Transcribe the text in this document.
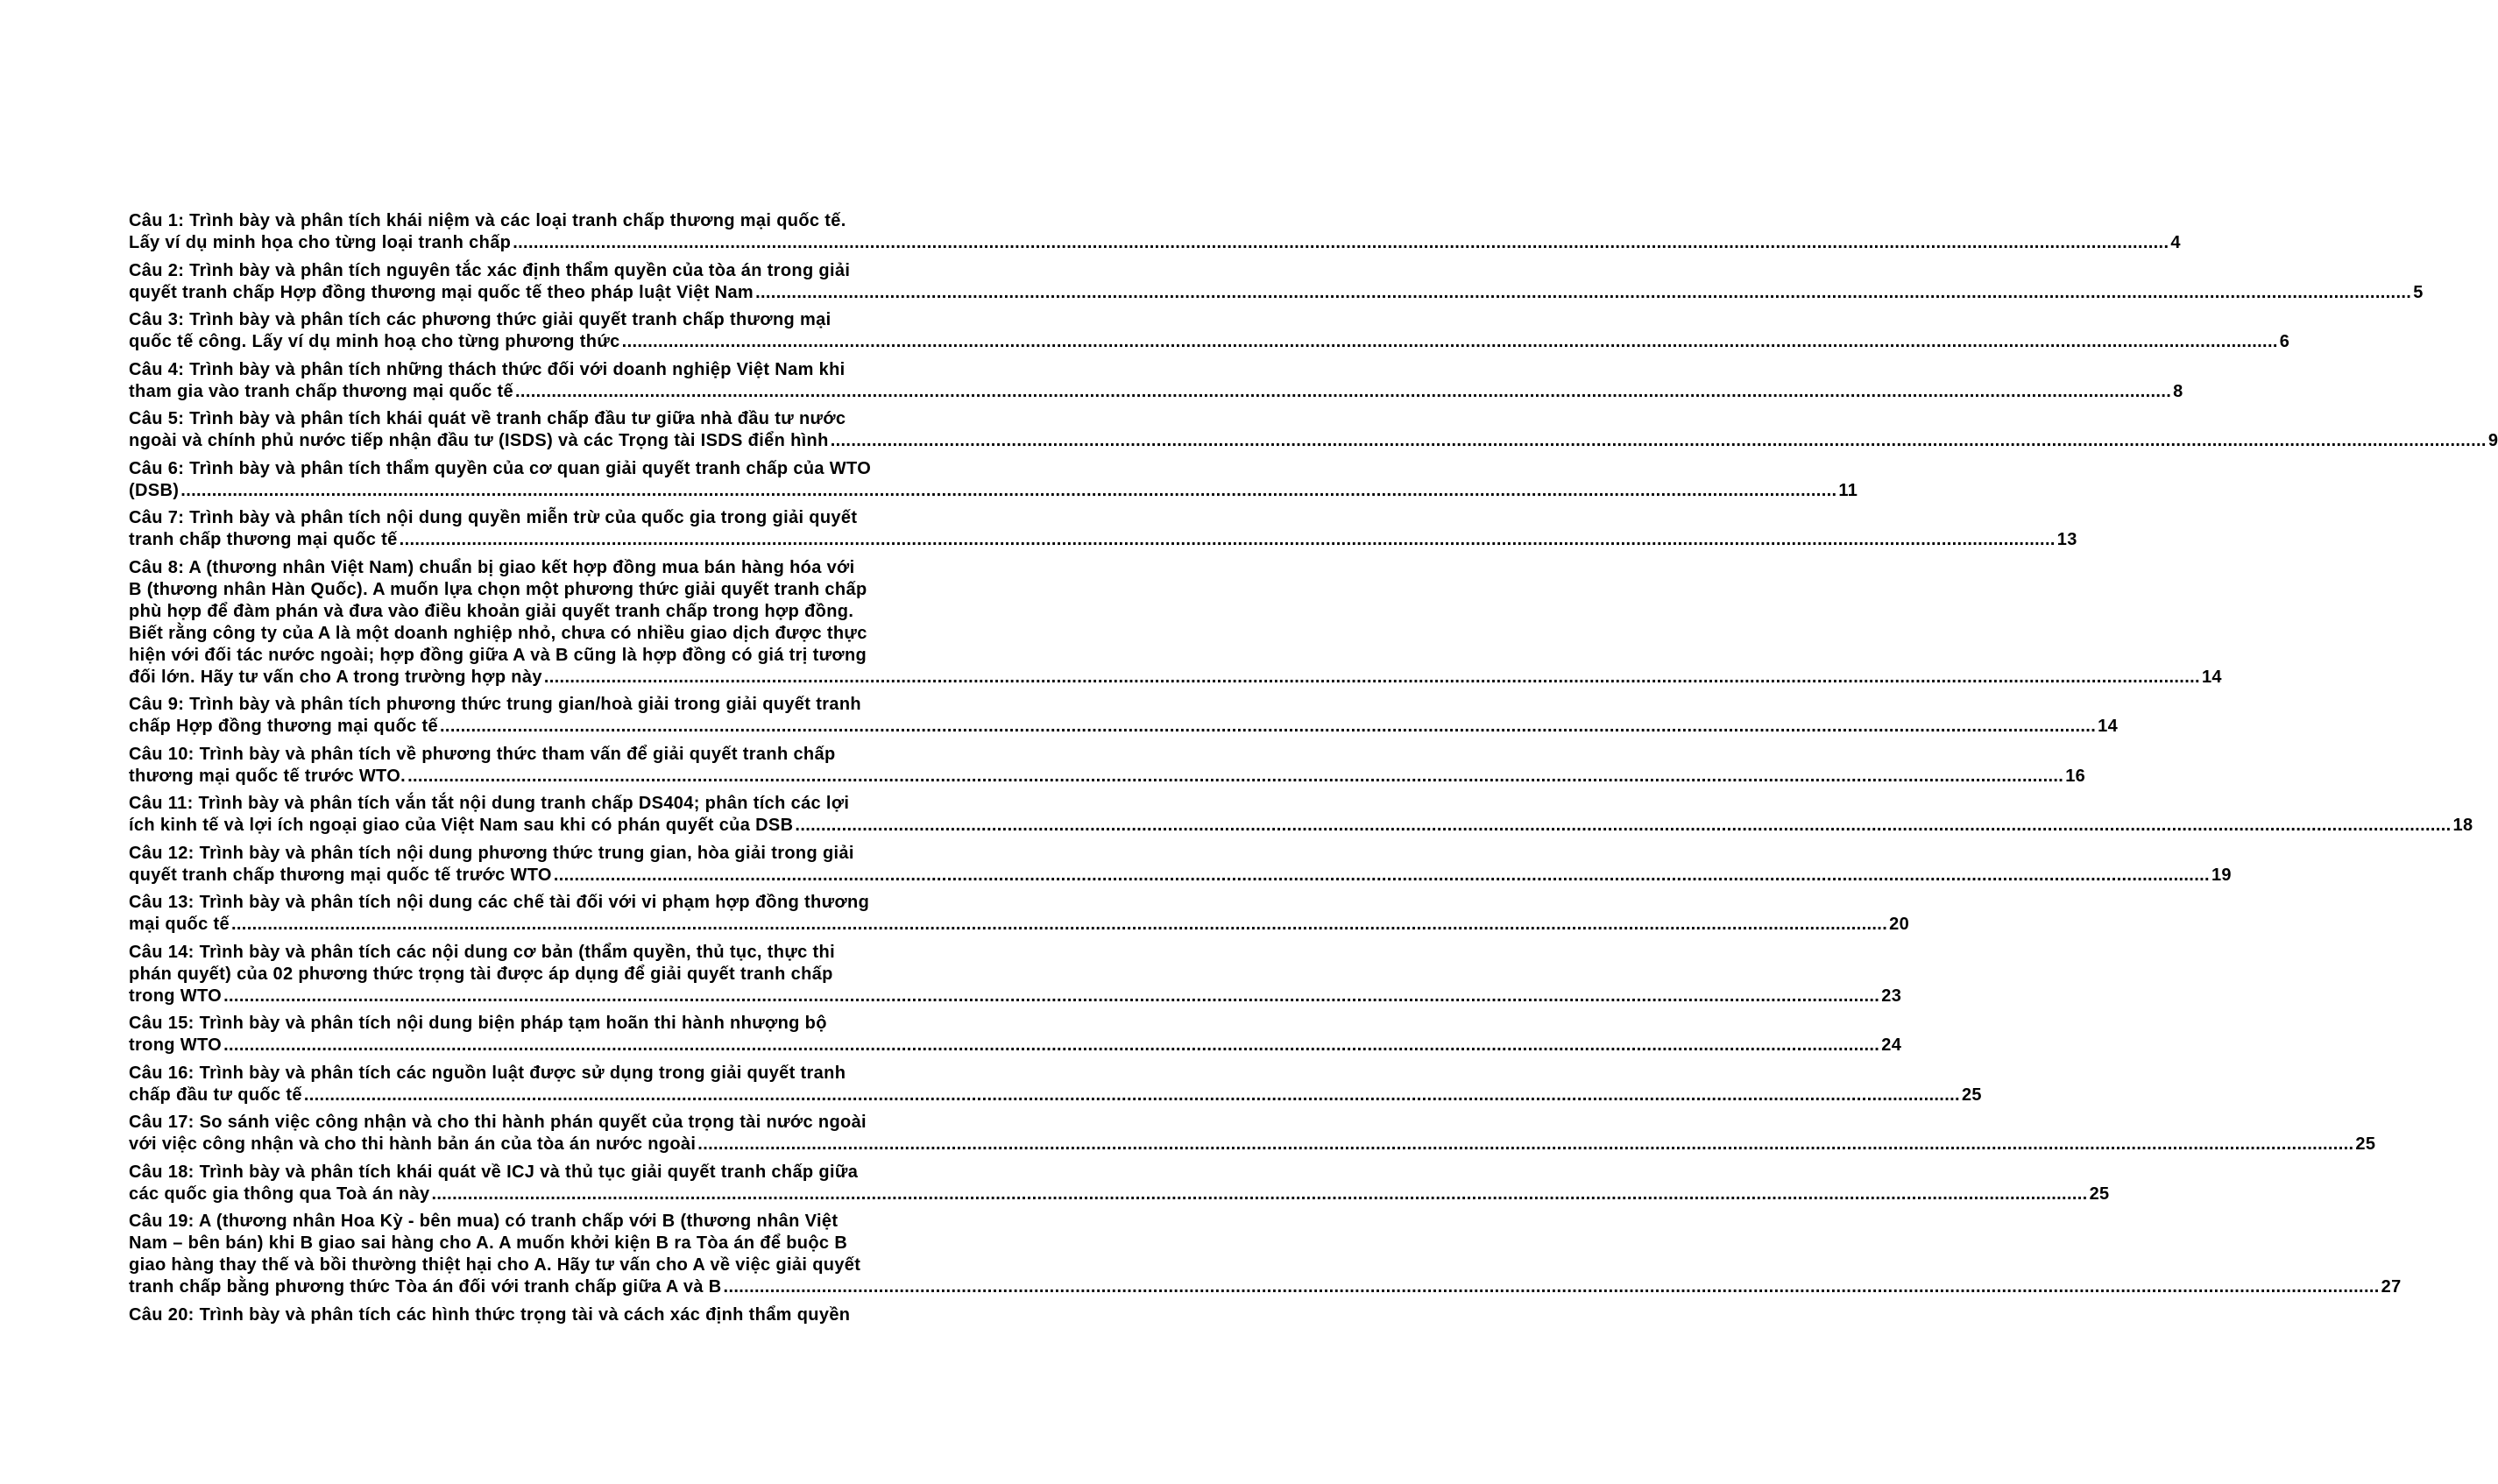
Câu 1: Trình bày và phân tích khái niệm và các loại tranh chấp thương mại quốc tế.
Lấy ví dụ minh họa cho từng loại tranh chấp .....	4
Câu 2: Trình bày và phân tích nguyên tắc xác định thẩm quyền của tòa án trong giải
quyết tranh chấp Hợp đồng thương mại quốc tế theo pháp luật Việt Nam .....	5
Câu 3: Trình bày và phân tích các phương thức giải quyết tranh chấp thương mại
quốc tế công. Lấy ví dụ minh hoạ cho từng phương thức .....	6
Câu 4: Trình bày và phân tích những thách thức đối với doanh nghiệp Việt Nam khi
tham gia vào tranh chấp thương mại quốc tế .....	8
Câu 5: Trình bày và phân tích khái quát về tranh chấp đầu tư giữa nhà đầu tư nước
ngoài và chính phủ nước tiếp nhận đầu tư (ISDS) và các Trọng tài ISDS điển hình .....	9
Câu 6: Trình bày và phân tích thẩm quyền của cơ quan giải quyết tranh chấp của WTO
(DSB) .....	11
Câu 7: Trình bày và phân tích nội dung quyền miễn trừ của quốc gia trong giải quyết
tranh chấp thương mại quốc tế .....	13
Câu 8: A (thương nhân Việt Nam) chuẩn bị giao kết hợp đồng mua bán hàng hóa với
B (thương nhân Hàn Quốc). A muốn lựa chọn một phương thức giải quyết tranh chấp
phù hợp để đàm phán và đưa vào điều khoản giải quyết tranh chấp trong hợp đồng.
Biết rằng công ty của A là một doanh nghiệp nhỏ, chưa có nhiều giao dịch được thực
hiện với đối tác nước ngoài; hợp đồng giữa A và B cũng là hợp đồng có giá trị tương
đối lớn. Hãy tư vấn cho A trong trường hợp này .....	14
Câu 9: Trình bày và phân tích phương thức trung gian/hoà giải trong giải quyết tranh
chấp Hợp đồng thương mại quốc tế .....	14
Câu 10: Trình bày và phân tích về phương thức tham vấn để giải quyết tranh chấp
thương mại quốc tế trước WTO. .....	16
Câu 11: Trình bày và phân tích vắn tắt nội dung tranh chấp DS404; phân tích các lợi
ích kinh tế và lợi ích ngoại giao của Việt Nam sau khi có phán quyết của DSB .....	18
Câu 12: Trình bày và phân tích nội dung phương thức trung gian, hòa giải trong giải
quyết tranh chấp thương mại quốc tế trước WTO .....	19
Câu 13: Trình bày và phân tích nội dung các chế tài đối với vi phạm hợp đồng thương
mại quốc tế .....	20
Câu 14: Trình bày và phân tích các nội dung cơ bản (thẩm quyền, thủ tục, thực thi
phán quyết) của 02 phương thức trọng tài được áp dụng để giải quyết tranh chấp
trong WTO .....	23
Câu 15: Trình bày và phân tích nội dung biện pháp tạm hoãn thi hành nhượng bộ
trong WTO .....	24
Câu 16: Trình bày và phân tích các nguồn luật được sử dụng trong giải quyết tranh
chấp đầu tư quốc tế .....	25
Câu 17: So sánh việc công nhận và cho thi hành phán quyết của trọng tài nước ngoài
với việc công nhận và cho thi hành bản án của tòa án nước ngoài .....	25
Câu 18: Trình bày và phân tích khái quát về ICJ và thủ tục giải quyết tranh chấp giữa
các quốc gia thông qua Toà án này .....	25
Câu 19: A (thương nhân Hoa Kỳ - bên mua) có tranh chấp với B (thương nhân Việt
Nam – bên bán) khi B giao sai hàng cho A. A muốn khởi kiện B ra Tòa án để buộc B
giao hàng thay thế và bồi thường thiệt hại cho A. Hãy tư vấn cho A về việc giải quyết
tranh chấp bằng phương thức Tòa án đối với tranh chấp giữa A và B .....	27
Câu 20: Trình bày và phân tích các hình thức trọng tài và cách xác định thẩm quyền
